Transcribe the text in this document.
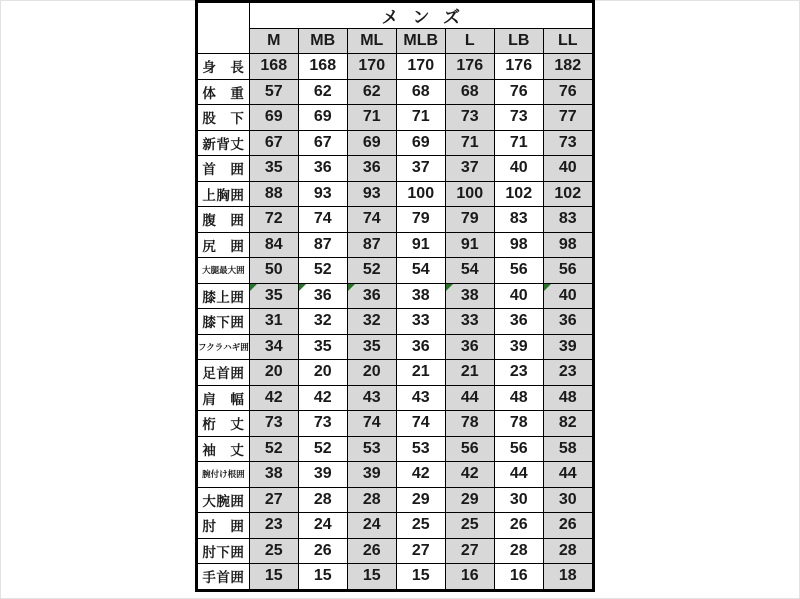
	メンズ						
	M	MB	ML	MLB	L	LB	LL
身　長	168	168	170	170	176	176	182
体　重	57	62	62	68	68	76	76
股　下	69	69	71	71	73	73	77
新背丈	67	67	69	69	71	71	73
首　囲	35	36	36	37	37	40	40
上胸囲	88	93	93	100	100	102	102
腹　囲	72	74	74	79	79	83	83
尻　囲	84	87	87	91	91	98	98
大腿最大囲	50	52	52	54	54	56	56
膝上囲	35	36	36	38	38	40	40

膝下囲	31	32	32	33	33	36	36
フクラハギ囲	34	35	35	36	36	39	39
足首囲	20	20	20	21	21	23	23
肩　幅	42	42	43	43	44	48	48
桁　丈	73	73	74	74	78	78	82
袖　丈	52	52	53	53	56	56	58
腕付け根囲	38	39	39	42	42	44	44
大腕囲	27	28	28	29	29	30	30
肘　囲	23	24	24	25	25	26	26
肘下囲	25	26	26	27	27	28	28
手首囲	15	15	15	15	16	16	18
